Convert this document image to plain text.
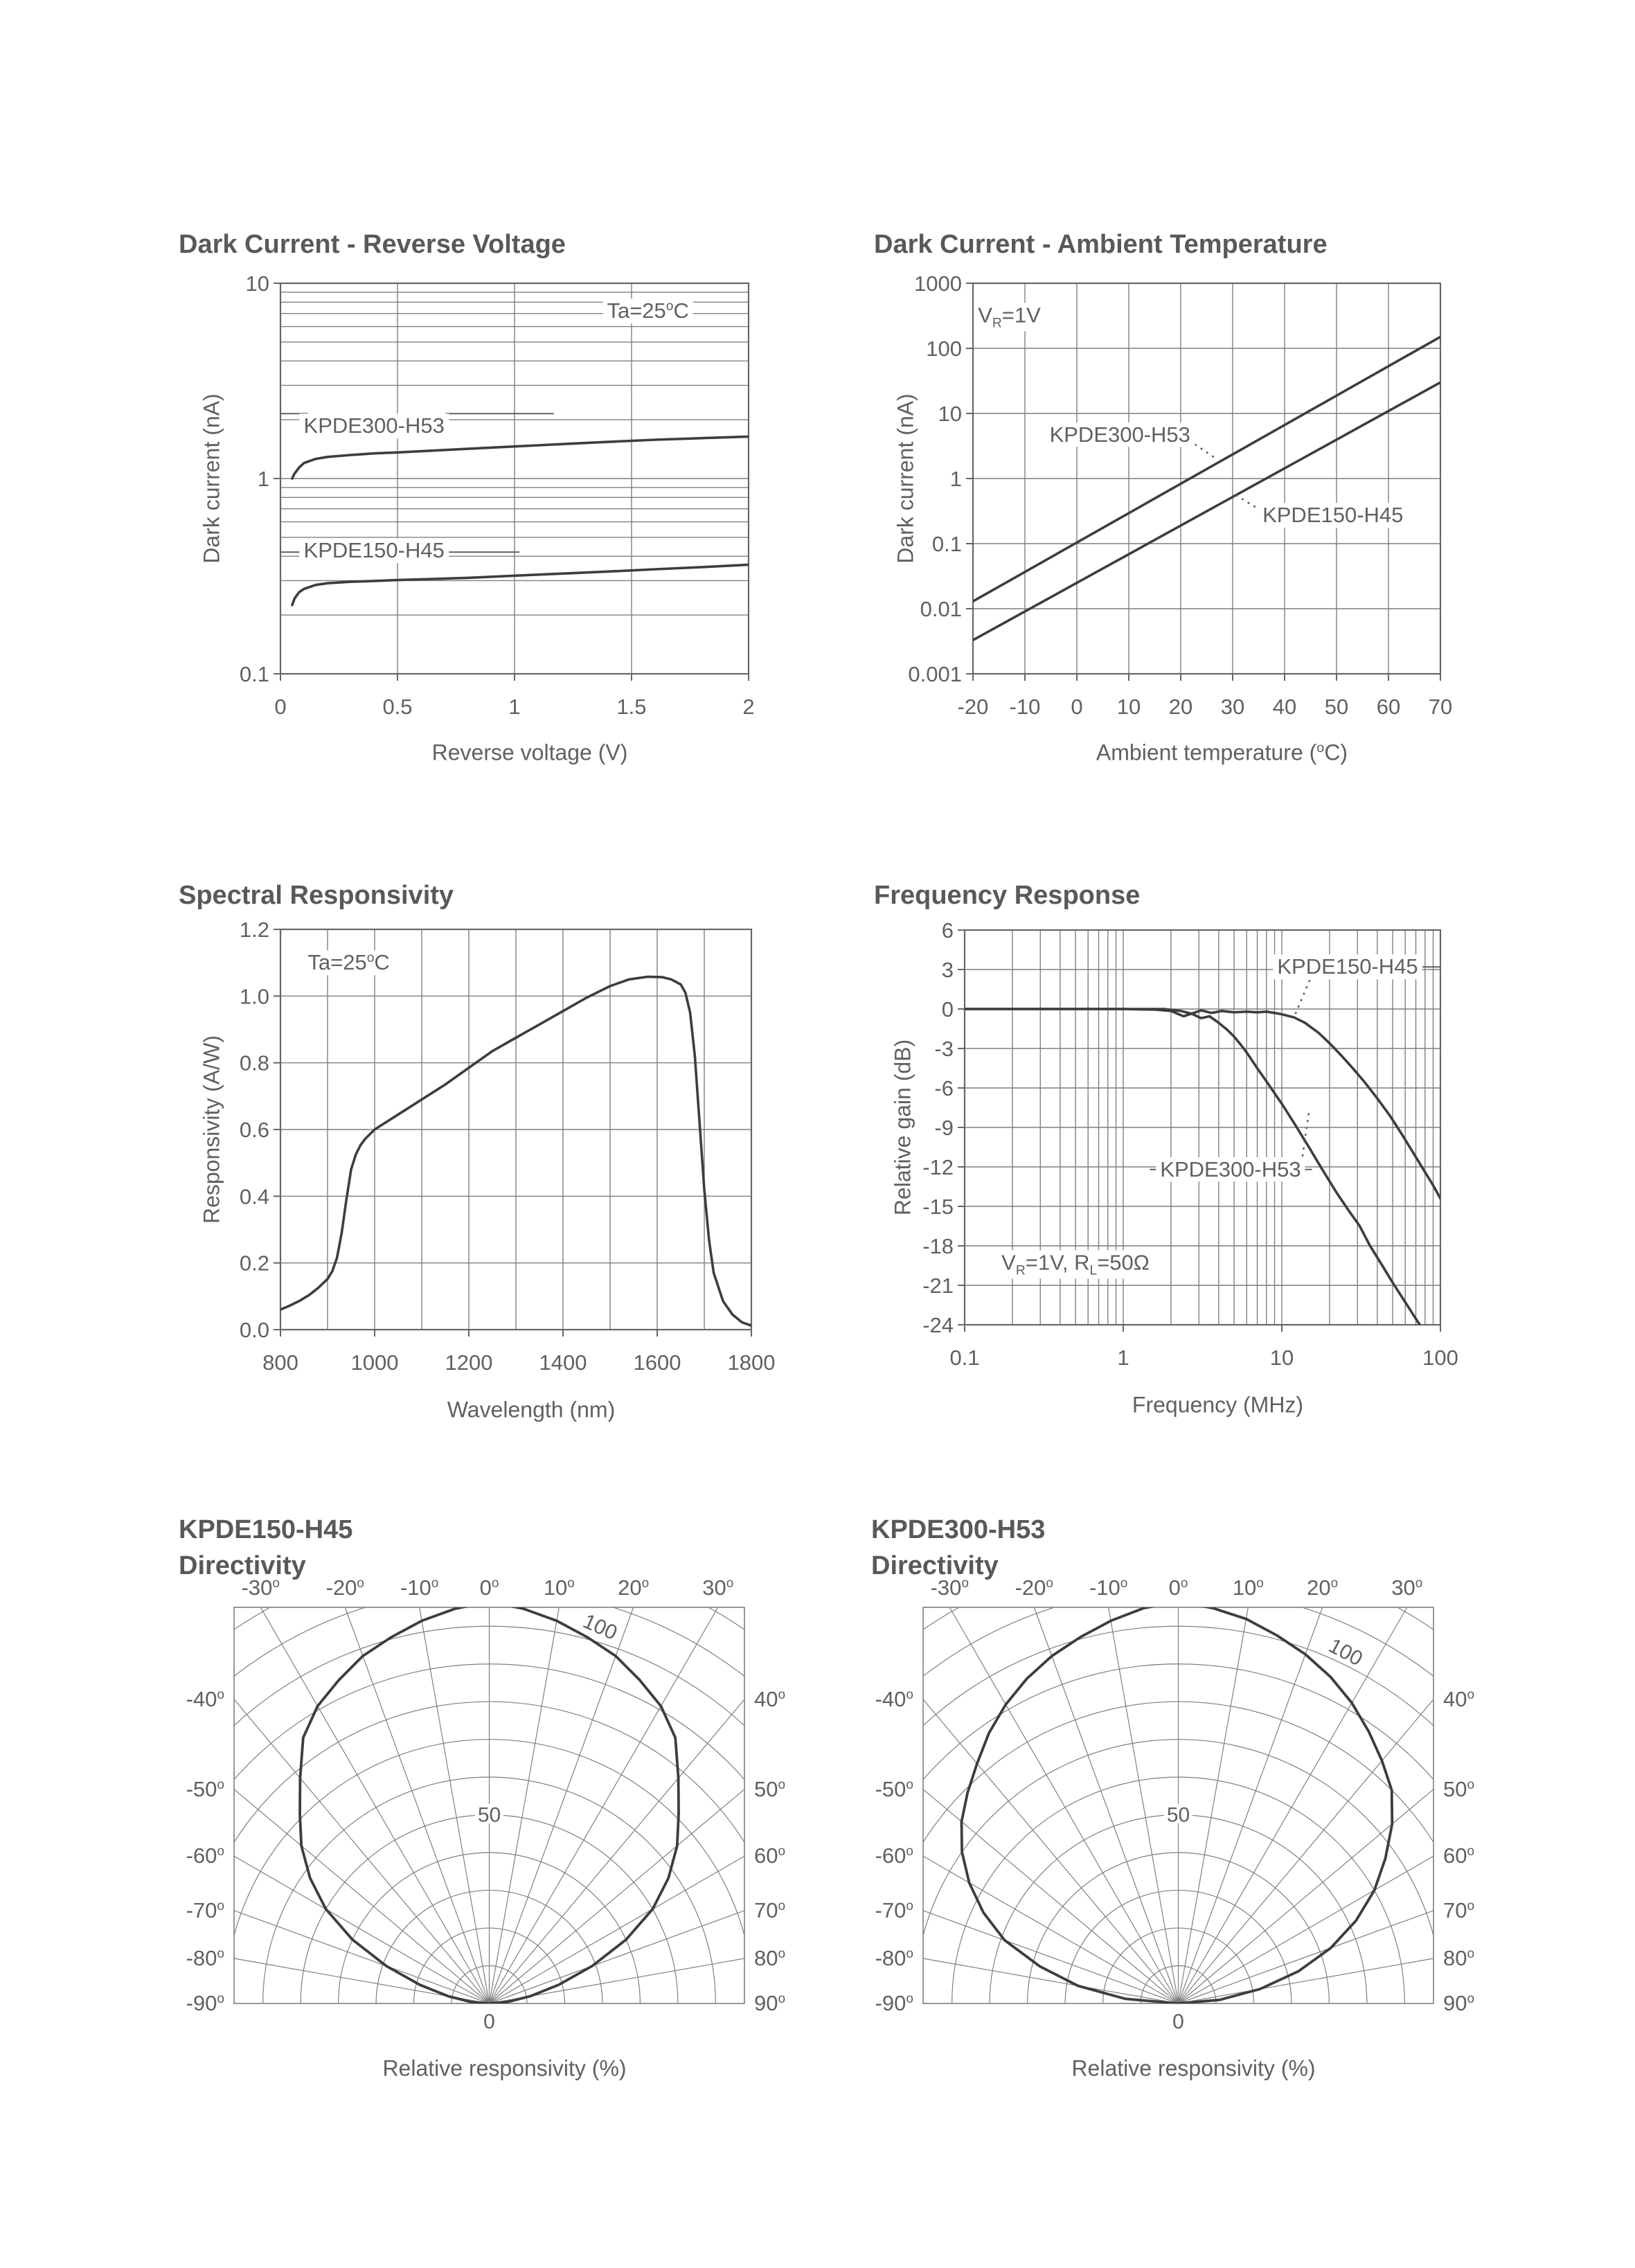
0	0.5	1	1.5	2
10
1
0.1
-20 -10 0 10 20 30 40 50 60 70
1000
100
10
1
0.1
0.01
0.001
800 1000 1200 1400 1600 1800
1.2
1.0
0.8
0.6
0.4
0.2
0.0
0.1	1	10	100
6
3
0
-3
-6
-9
-12
-15
-18
-21
-24
-30$^o$ -20$^o$ -10$^o$ 0$^o$ 10$^o$ 20$^o$ 30$^o$
-40$^o$
-50$^o$
-60$^o$
-70$^o$
-80$^o$
-90$^o$
40$^o$
50$^o$
60$^o$
70$^o$
80$^o$
90$^o$
100
50
0
-30$^o$ -20$^o$ -10$^o$ 0$^o$ 10$^o$ 20$^o$ 30$^o$
-40$^o$
-50$^o$
-60$^o$
-70$^o$
-80$^o$
-90$^o$
40$^o$
50$^o$
60$^o$
70$^o$
80$^o$
90$^o$
100
50
0
Dark Current - Reverse Voltage
Dark current (nA)
Reverse voltage (V)
$Ta=25^oC$
KPDE300-H53
KPDE150-H45
Dark Current - Ambient Temperature
Dark current (nA)
Ambient temperature ($^o$C)
$V_R=1V$
KPDE300-H53
KPDE150-H45
Spectral Responsivity
Responsivity (A/W)
Wavelength (nm)
$Ta=25^oC$
Frequency Response
Relative gain (dB)
Frequency (MHz)
$V_R=1V$, $R_L=50\Omega$
KPDE150-H45
KPDE300-H53
KPDE150-H45
Directivity
Relative responsivity (%)
KPDE300-H53
Directivity
Relative responsivity (%)
